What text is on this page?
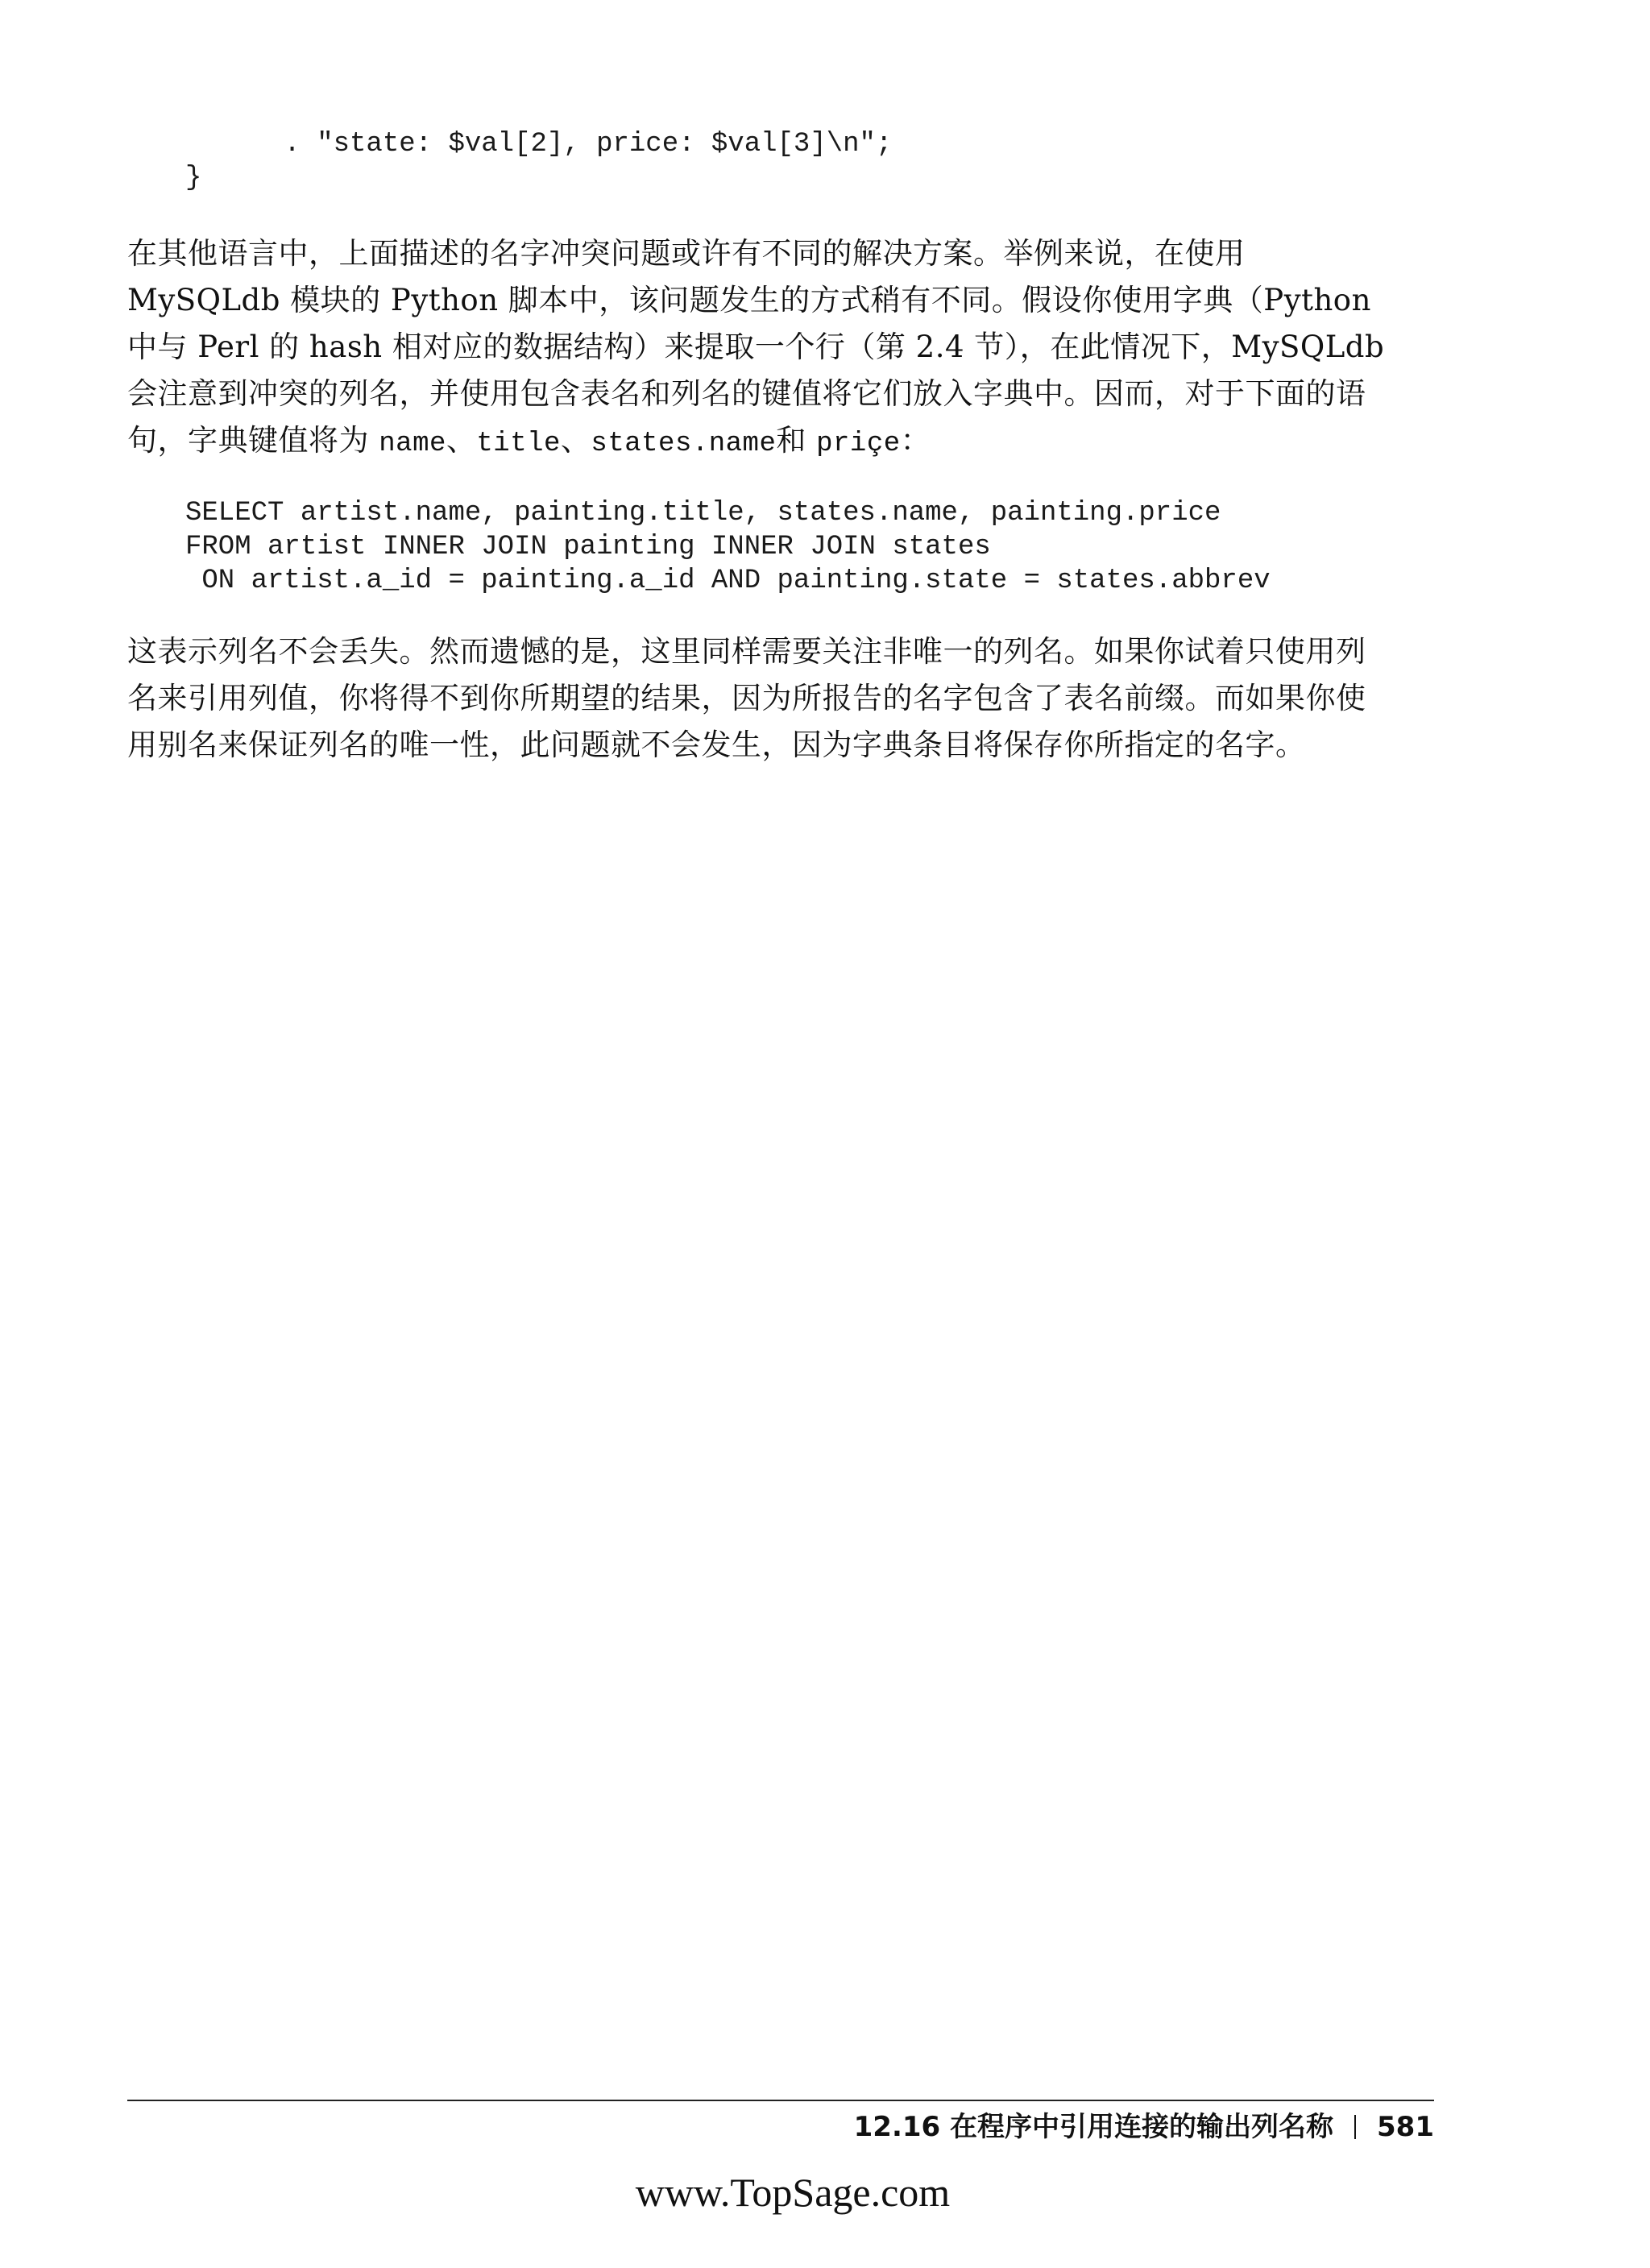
. "state: $val[2], price: $val[3]\n";
}

在其他语言中，上面描述的名字冲突问题或许有不同的解决方案。举例来说，在使用 MySQLdb 模块的 Python 脚本中，该问题发生的方式稍有不同。假设你使用字典（Python 中与 Perl 的 hash 相对应的数据结构）来提取一个行（第 2.4 节），在此情况下，MySQLdb 会注意到冲突的列名，并使用包含表名和列名的键值将它们放入字典中。因而，对于下面的语句，字典键值将为 name、title、states.name和 priçe：

SELECT artist.name, painting.title, states.name, painting.price
FROM artist INNER JOIN painting INNER JOIN states
ON artist.a_id = painting.a_id AND painting.state = states.abbrev

这表示列名不会丢失。然而遗憾的是，这里同样需要关注非唯一的列名。如果你试着只使用列名来引用列值，你将得不到你所期望的结果，因为所报告的名字包含了表名前缀。而如果你使用别名来保证列名的唯一性，此问题就不会发生，因为字典条目将保存你所指定的名字。

12.16 在程序中引用连接的输出列名称 581
www.TopSage.com
